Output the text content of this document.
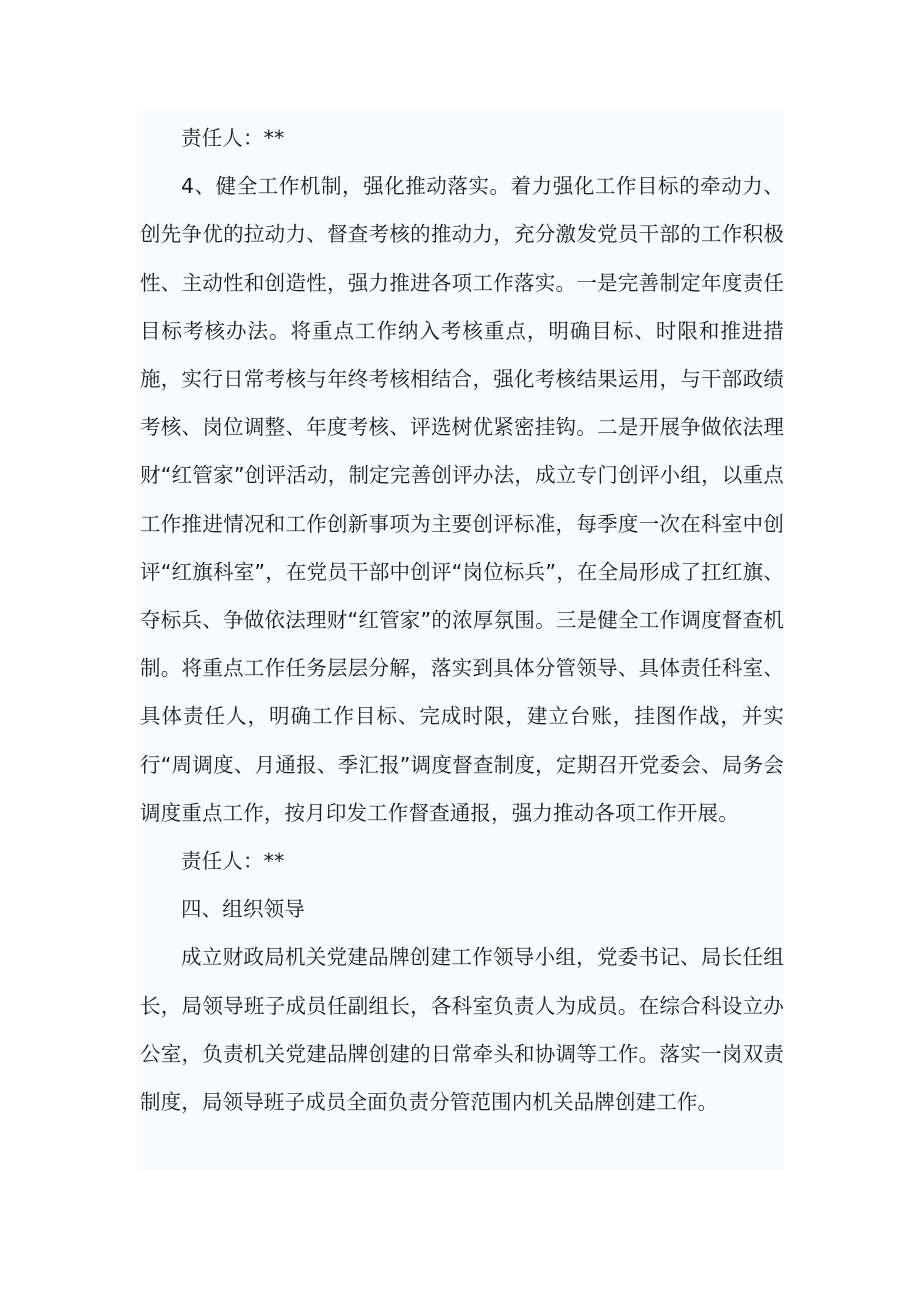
责任人：**

4、健全工作机制，强化推动落实。着力强化工作目标的牵动力、创先争优的拉动力、督查考核的推动力，充分激发党员干部的工作积极性、主动性和创造性，强力推进各项工作落实。一是完善制定年度责任目标考核办法。将重点工作纳入考核重点，明确目标、时限和推进措施，实行日常考核与年终考核相结合，强化考核结果运用，与干部政绩考核、岗位调整、年度考核、评选树优紧密挂钩。二是开展争做依法理财“红管家”创评活动，制定完善创评办法，成立专门创评小组，以重点工作推进情况和工作创新事项为主要创评标准，每季度一次在科室中创评“红旗科室”，在党员干部中创评“岗位标兵”，在全局形成了扛红旗、夺标兵、争做依法理财“红管家”的浓厚氛围。三是健全工作调度督查机制。将重点工作任务层层分解，落实到具体分管领导、具体责任科室、具体责任人，明确工作目标、完成时限，建立台账，挂图作战，并实行“周调度、月通报、季汇报”调度督查制度，定期召开党委会、局务会调度重点工作，按月印发工作督查通报，强力推动各项工作开展。

责任人：**

四、组织领导

成立财政局机关党建品牌创建工作领导小组，党委书记、局长任组长，局领导班子成员任副组长，各科室负责人为成员。在综合科设立办公室，负责机关党建品牌创建的日常牵头和协调等工作。落实一岗双责制度，局领导班子成员全面负责分管范围内机关品牌创建工作。
